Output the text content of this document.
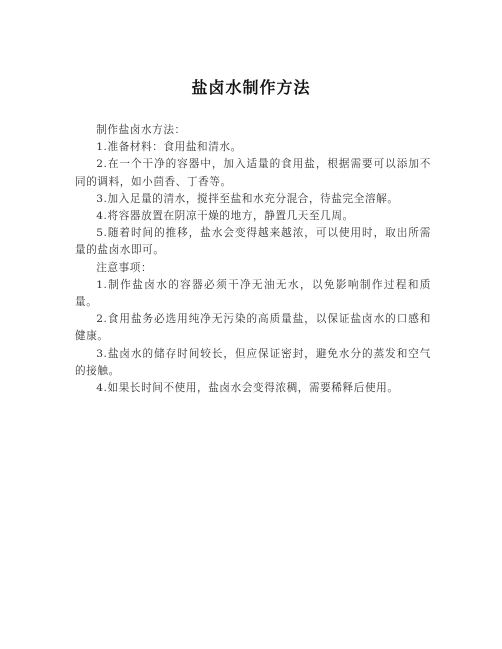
盐卤水制作方法

制作盐卤水方法：

1.准备材料：食用盐和清水。

2.在一个干净的容器中，加入适量的食用盐，根据需要可以添加不同的调料，如小茴香、丁香等。

3.加入足量的清水，搅拌至盐和水充分混合，待盐完全溶解。

4.将容器放置在阴凉干燥的地方，静置几天至几周。

5.随着时间的推移，盐水会变得越来越浓，可以使用时，取出所需量的盐卤水即可。

注意事项：

1.制作盐卤水的容器必须干净无油无水，以免影响制作过程和质量。

2.食用盐务必选用纯净无污染的高质量盐，以保证盐卤水的口感和健康。

3.盐卤水的储存时间较长，但应保证密封，避免水分的蒸发和空气的接触。

4.如果长时间不使用，盐卤水会变得浓稠，需要稀释后使用。
